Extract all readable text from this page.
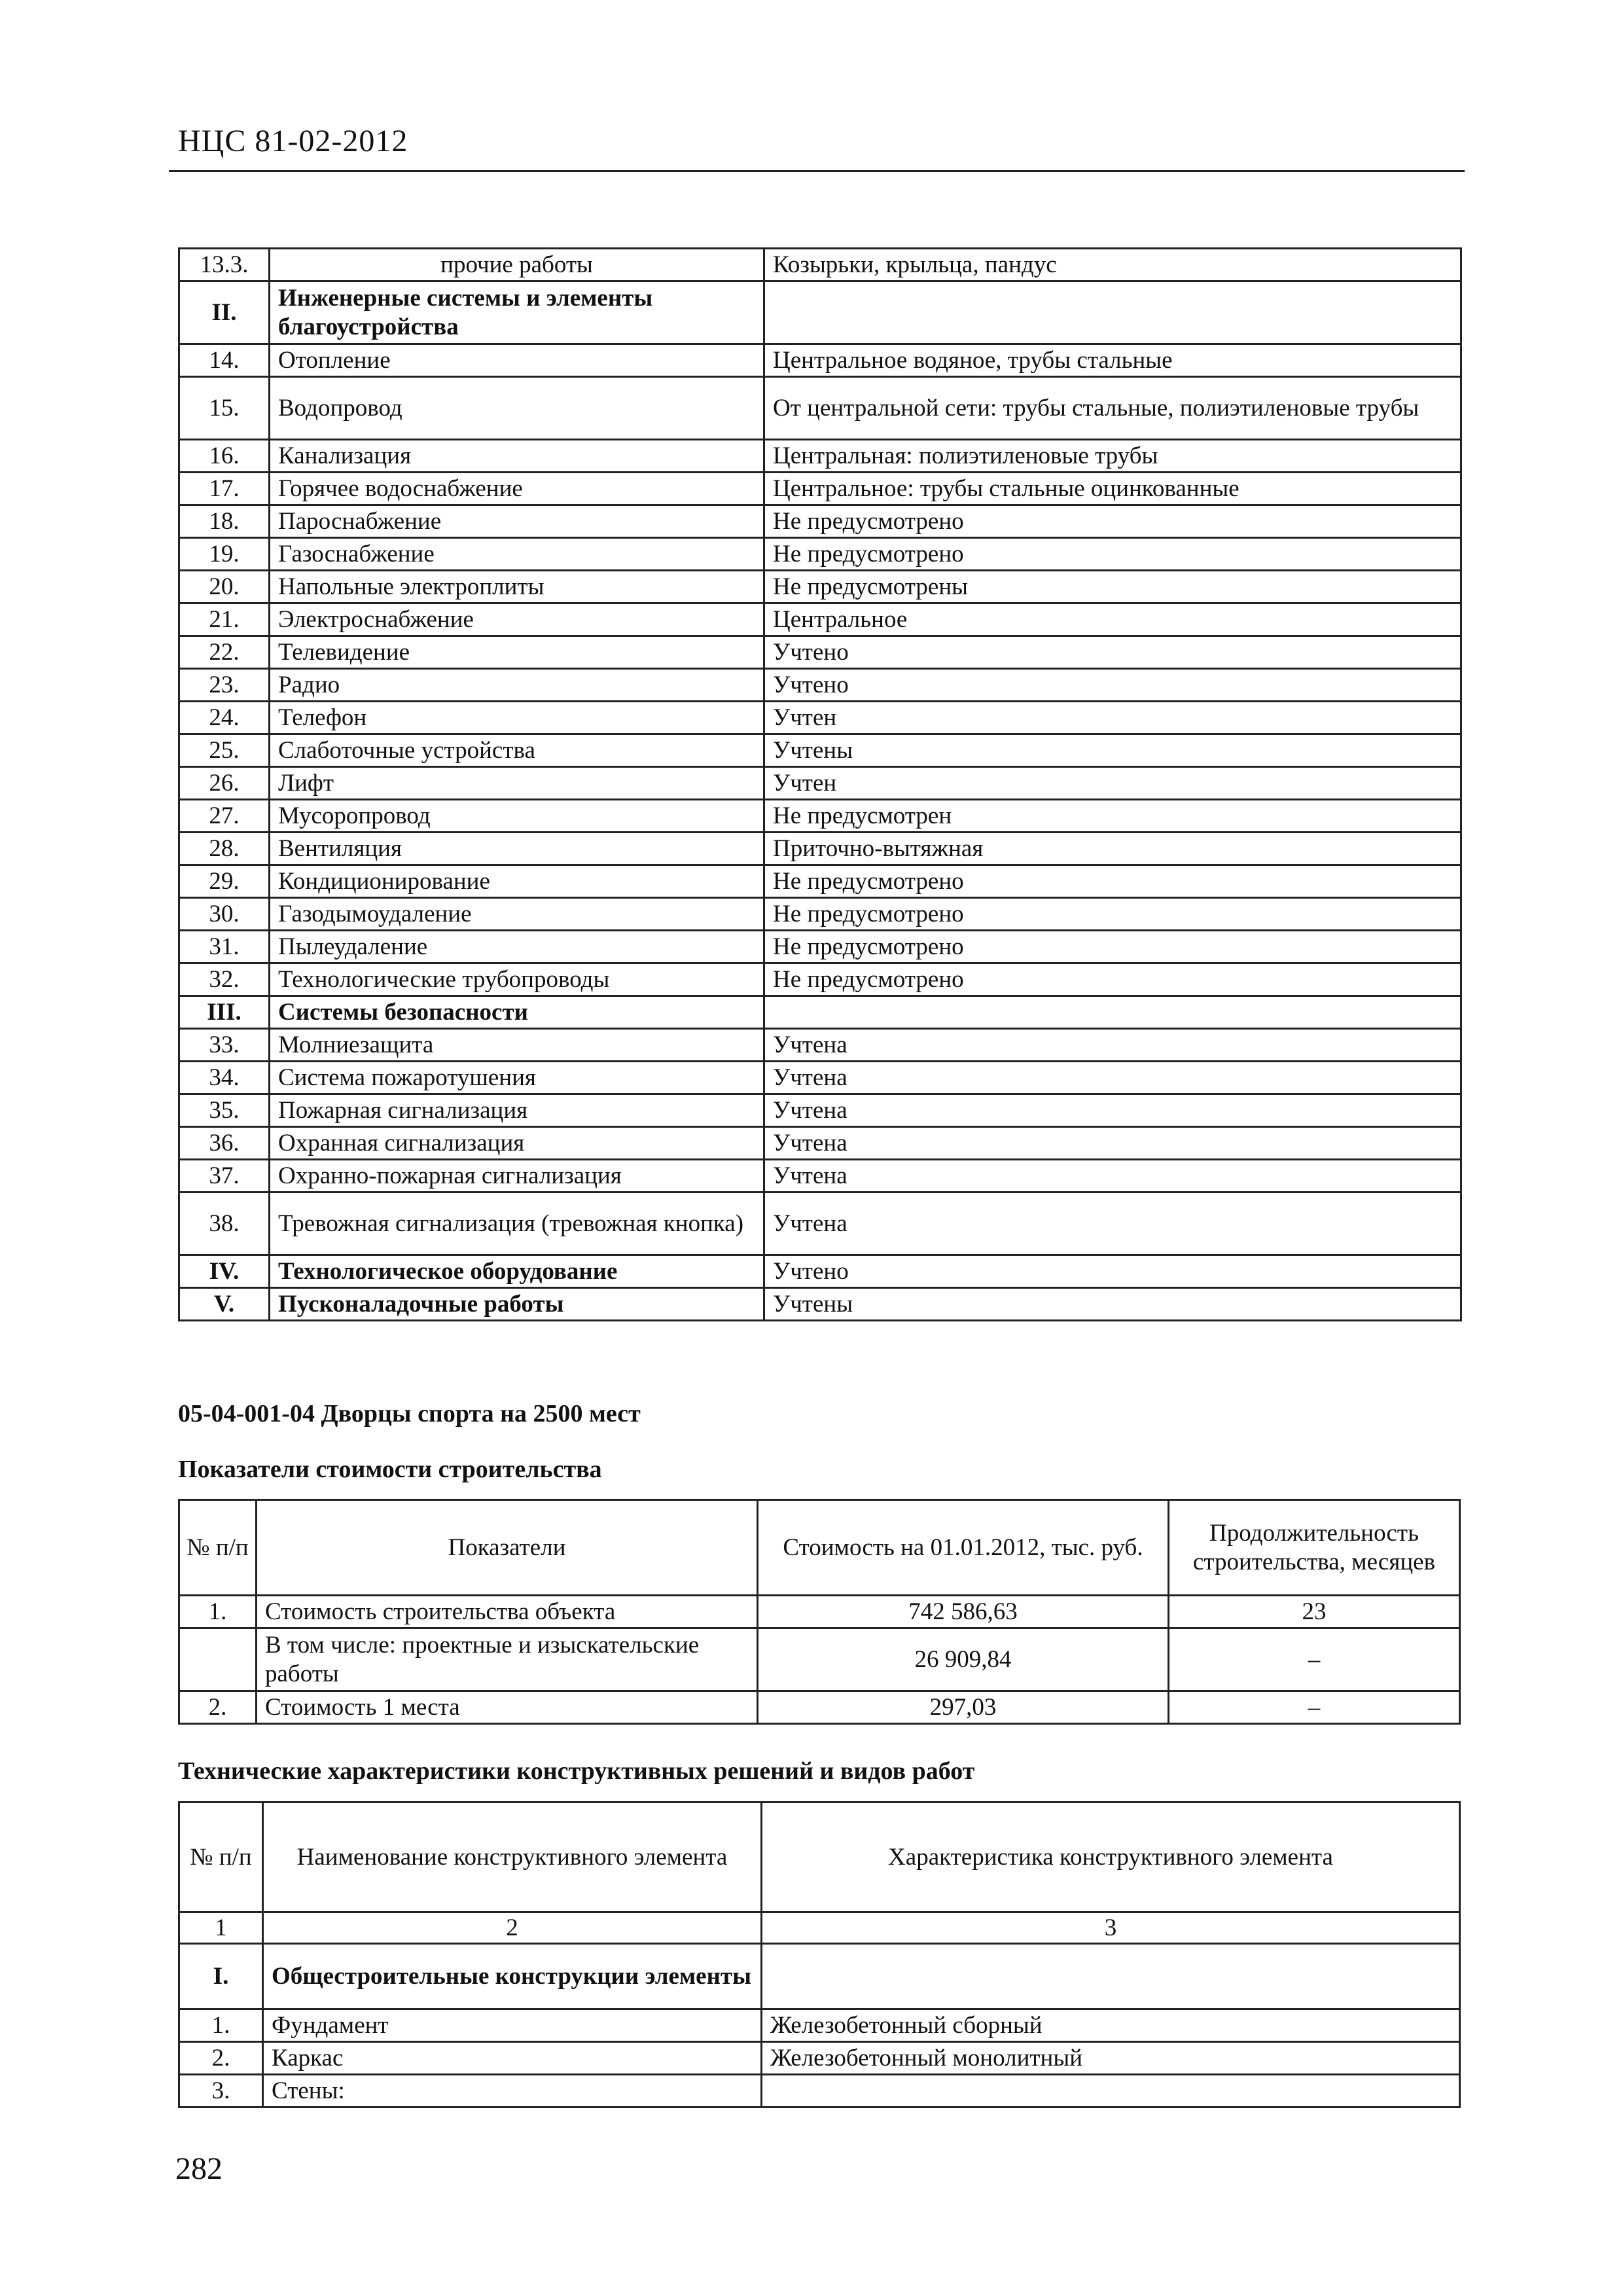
НЦС 81-02-2012
13.3.	прочие работы	Козырьки, крыльца, пандус
II.	Инженерные системы и элементы благоустройства	
14.	Отопление	Центральное водяное, трубы стальные
15.	Водопровод	От центральной сети: трубы стальные, полиэтиленовые трубы
16.	Канализация	Центральная: полиэтиленовые трубы
17.	Горячее водоснабжение	Центральное: трубы стальные оцинкованные
18.	Пароснабжение	Не предусмотрено
19.	Газоснабжение	Не предусмотрено
20.	Напольные электроплиты	Не предусмотрены
21.	Электроснабжение	Центральное
22.	Телевидение	Учтено
23.	Радио	Учтено
24.	Телефон	Учтен
25.	Слаботочные устройства	Учтены
26.	Лифт	Учтен
27.	Мусоропровод	Не предусмотрен
28.	Вентиляция	Приточно-вытяжная
29.	Кондиционирование	Не предусмотрено
30.	Газодымоудаление	Не предусмотрено
31.	Пылеудаление	Не предусмотрено
32.	Технологические трубопроводы	Не предусмотрено
III.	Системы безопасности	
33.	Молниезащита	Учтена
34.	Система пожаротушения	Учтена
35.	Пожарная сигнализация	Учтена
36.	Охранная сигнализация	Учтена
37.	Охранно-пожарная сигнализация	Учтена
38.	Тревожная сигнализация (тревожная кнопка)	Учтена
IV.	Технологическое оборудование	Учтено
V.	Пусконаладочные работы	Учтены
05-04-001-04 Дворцы спорта на 2500 мест
Показатели стоимости строительства
№ п/п	Показатели	Стоимость на 01.01.2012, тыс. руб.	Продолжительность строительства, месяцев
1.	Стоимость строительства объекта	742 586,63	23
	В том числе: проектные и изыскательские работы	26 909,84	–
2.	Стоимость 1 места	297,03	–
Технические характеристики конструктивных решений и видов работ
№ п/п	Наименование конструктивного элемента	Характеристика конструктивного элемента
1	2	3
I.	Общестроительные конструкции элементы	
1.	Фундамент	Железобетонный сборный
2.	Каркас	Железобетонный монолитный
3.	Стены:	
282
